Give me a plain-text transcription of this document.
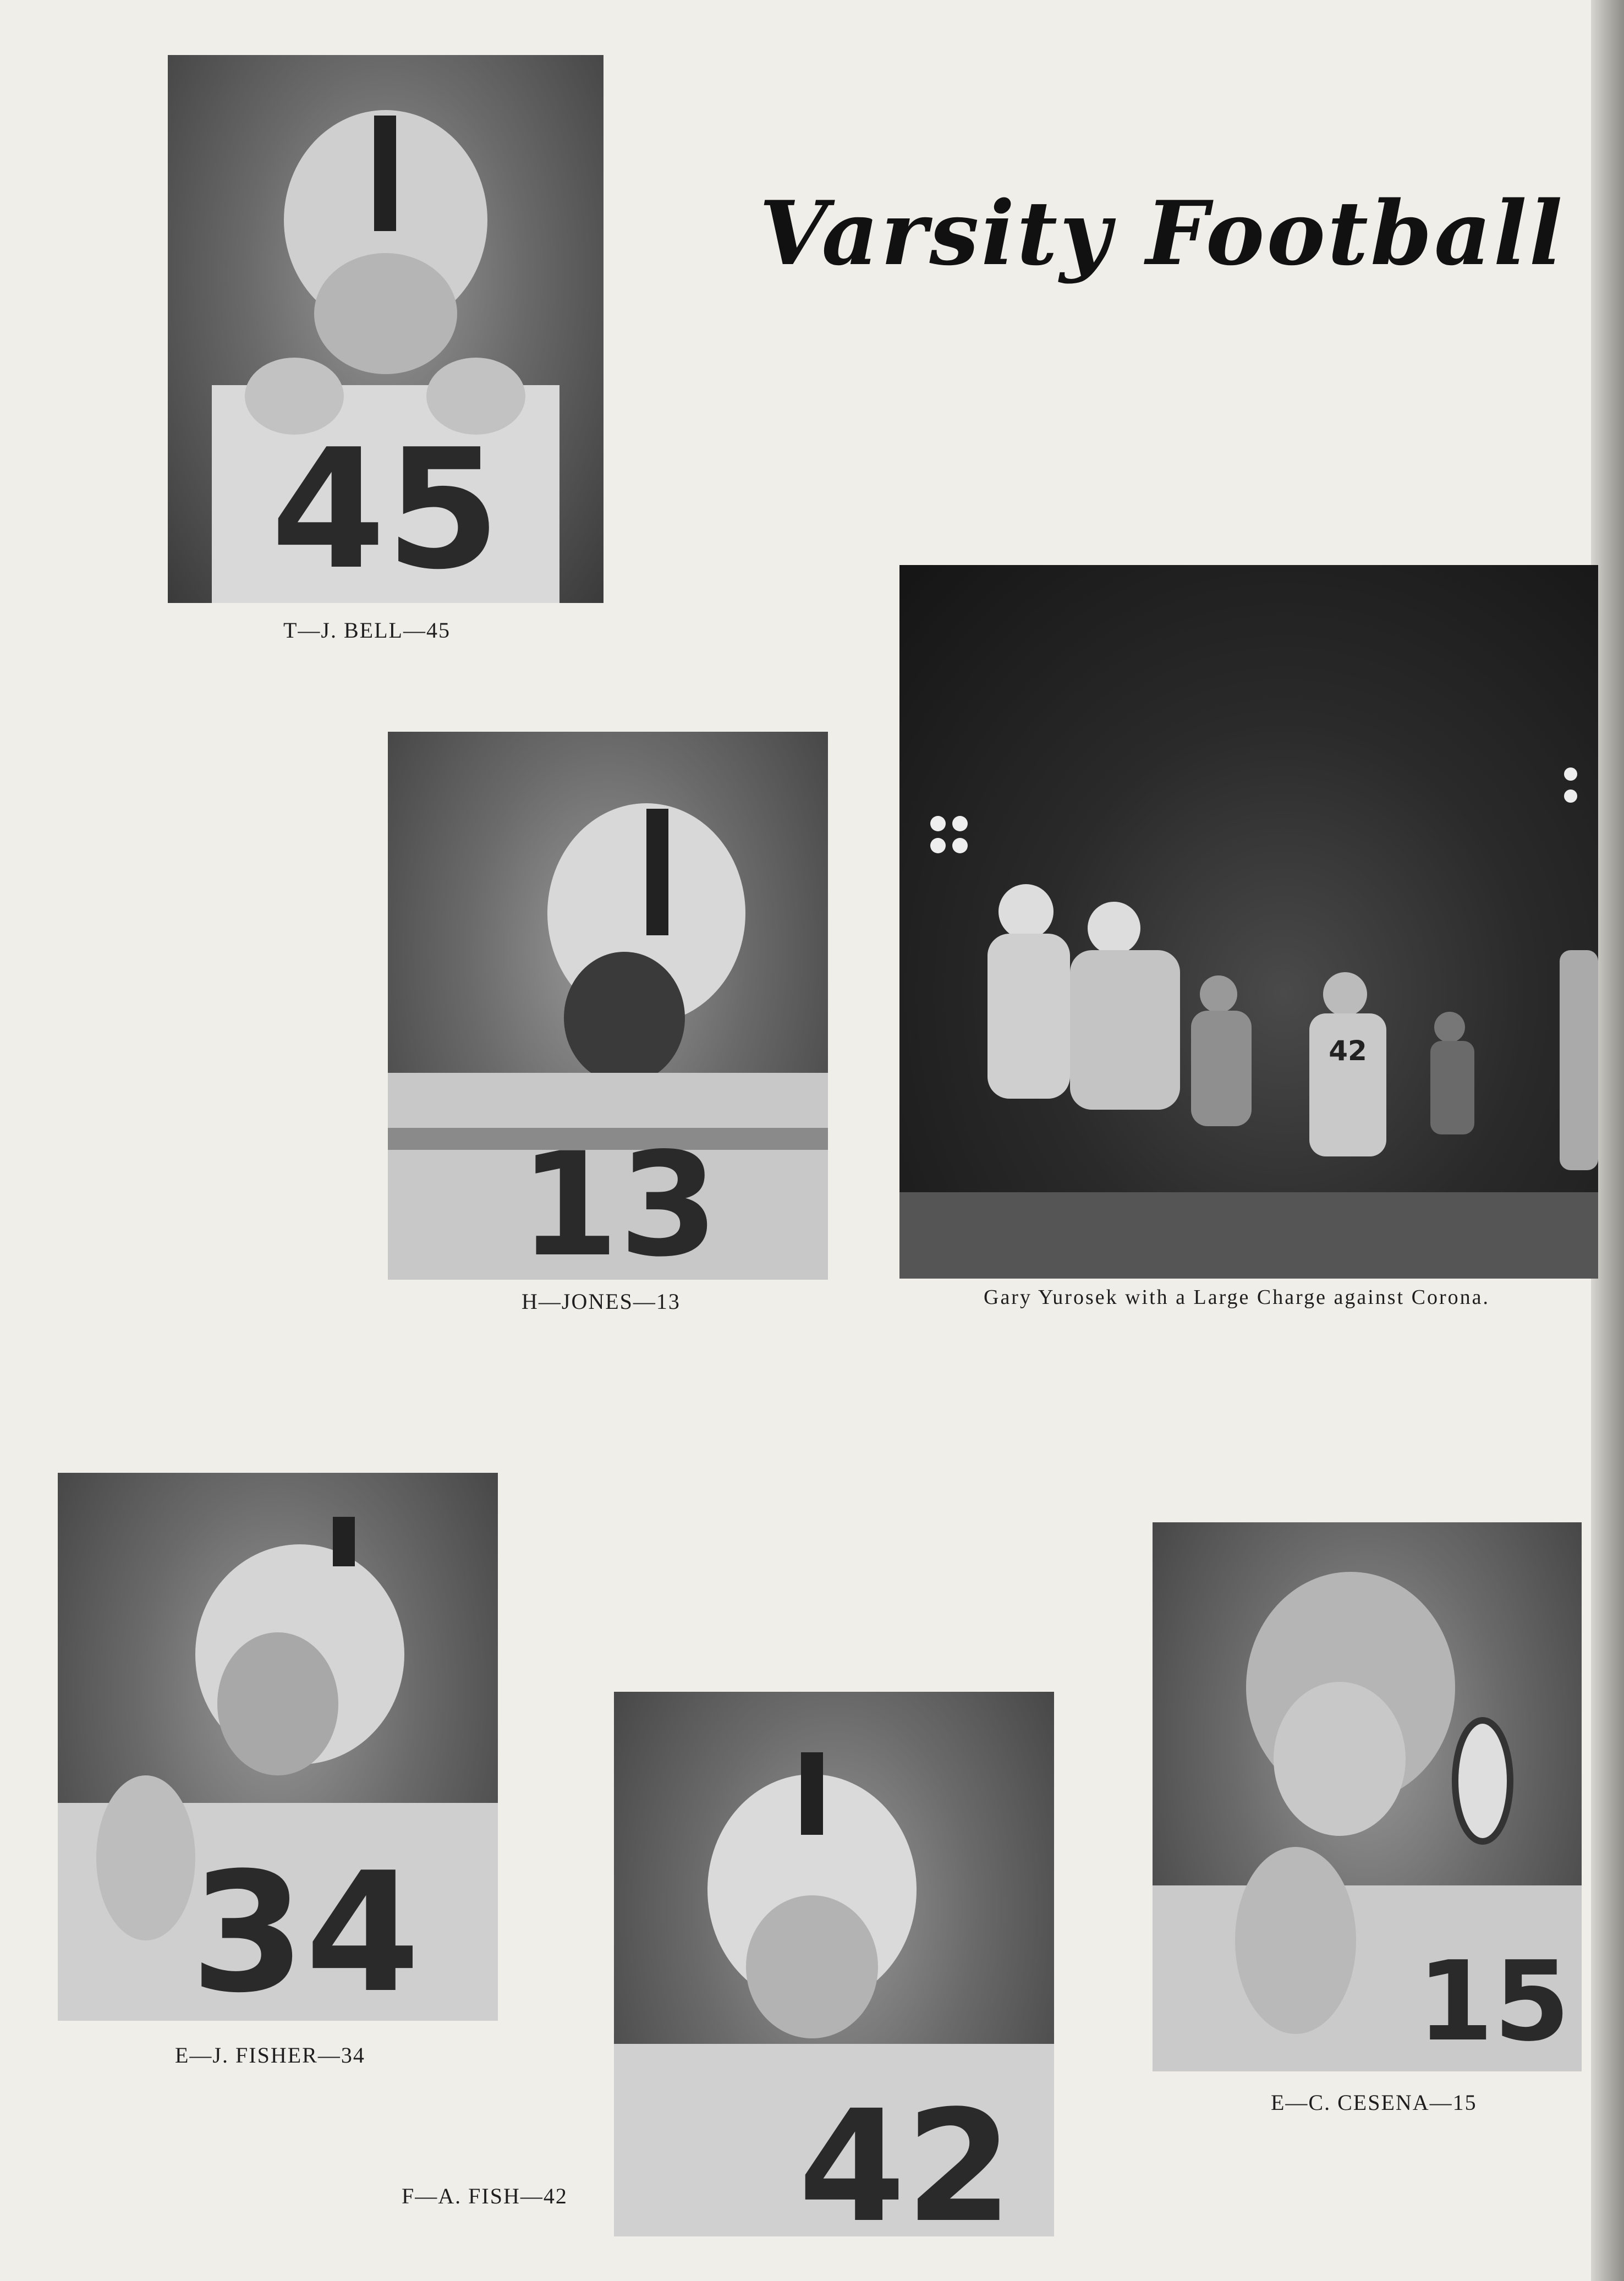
Varsity Football
45
T—J. BELL—45
13
H—JONES—13
42
Gary Yurosek with a Large Charge against Corona.
34
E—J. FISHER—34
42
F—A. FISH—42
15
E—C. CESENA—15
